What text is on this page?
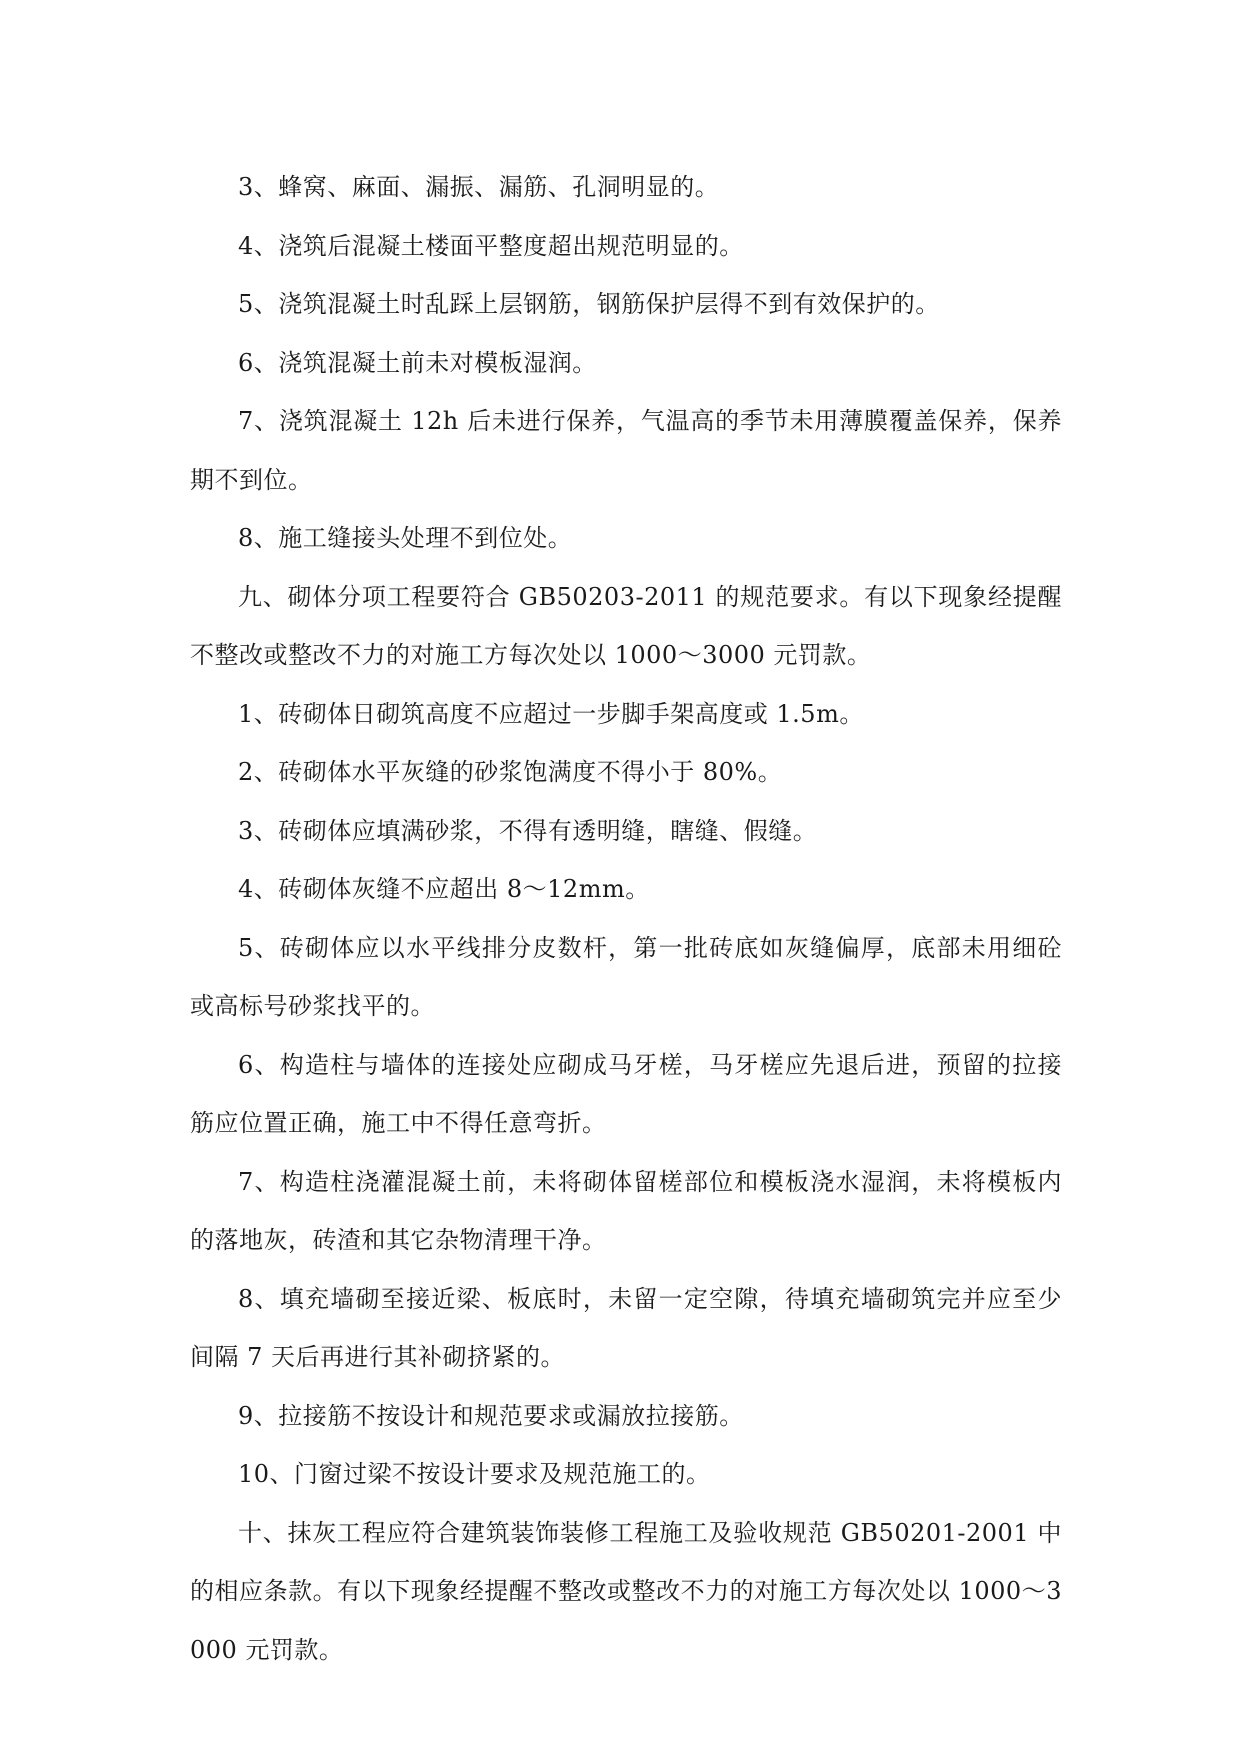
3、蜂窝、麻面、漏振、漏筋、孔洞明显的。

4、浇筑后混凝土楼面平整度超出规范明显的。

5、浇筑混凝土时乱踩上层钢筋，钢筋保护层得不到有效保护的。

6、浇筑混凝土前未对模板湿润。

7、浇筑混凝土 12h 后未进行保养，气温高的季节未用薄膜覆盖保养，保养期不到位。

8、施工缝接头处理不到位处。

九、砌体分项工程要符合 GB50203-2011 的规范要求。有以下现象经提醒不整改或整改不力的对施工方每次处以 1000～3000 元罚款。

1、砖砌体日砌筑高度不应超过一步脚手架高度或 1.5m。

2、砖砌体水平灰缝的砂浆饱满度不得小于 80%。

3、砖砌体应填满砂浆，不得有透明缝，瞎缝、假缝。

4、砖砌体灰缝不应超出 8～12mm。

5、砖砌体应以水平线排分皮数杆，第一批砖底如灰缝偏厚，底部未用细砼或高标号砂浆找平的。

6、构造柱与墙体的连接处应砌成马牙槎，马牙槎应先退后进，预留的拉接筋应位置正确，施工中不得任意弯折。

7、构造柱浇灌混凝土前，未将砌体留槎部位和模板浇水湿润，未将模板内的落地灰，砖渣和其它杂物清理干净。

8、填充墙砌至接近梁、板底时，未留一定空隙，待填充墙砌筑完并应至少间隔 7 天后再进行其补砌挤紧的。

9、拉接筋不按设计和规范要求或漏放拉接筋。

10、门窗过梁不按设计要求及规范施工的。

十、抹灰工程应符合建筑装饰装修工程施工及验收规范 GB50201-2001 中的相应条款。有以下现象经提醒不整改或整改不力的对施工方每次处以 1000～3000 元罚款。
